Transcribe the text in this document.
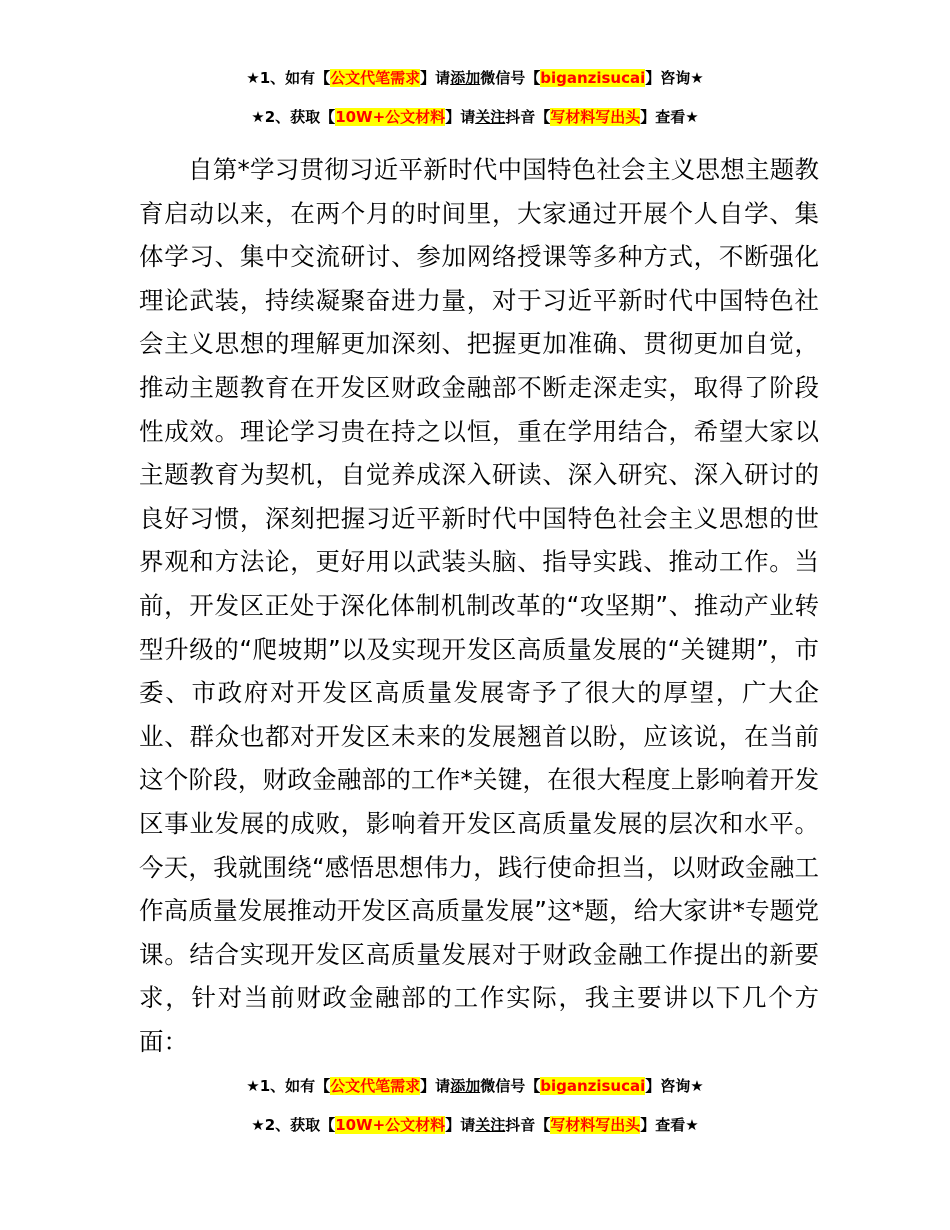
★1、如有【公文代笔需求】请添加微信号【biganzisucai】咨询★
★2、获取【10W+公文材料】请关注抖音【写材料写出头】查看★

自第*学习贯彻习近平新时代中国特色社会主义思想主题教育启动以来，在两个月的时间里，大家通过开展个人自学、集体学习、集中交流研讨、参加网络授课等多种方式，不断强化理论武装，持续凝聚奋进力量，对于习近平新时代中国特色社会主义思想的理解更加深刻、把握更加准确、贯彻更加自觉，推动主题教育在开发区财政金融部不断走深走实，取得了阶段性成效。理论学习贵在持之以恒，重在学用结合，希望大家以主题教育为契机，自觉养成深入研读、深入研究、深入研讨的良好习惯，深刻把握习近平新时代中国特色社会主义思想的世界观和方法论，更好用以武装头脑、指导实践、推动工作。当前，开发区正处于深化体制机制改革的“攻坚期”、推动产业转型升级的“爬坡期”以及实现开发区高质量发展的“关键期”，市委、市政府对开发区高质量发展寄予了很大的厚望，广大企业、群众也都对开发区未来的发展翘首以盼，应该说，在当前这个阶段，财政金融部的工作*关键，在很大程度上影响着开发区事业发展的成败，影响着开发区高质量发展的层次和水平。今天，我就围绕“感悟思想伟力，践行使命担当，以财政金融工作高质量发展推动开发区高质量发展”这*题，给大家讲*专题党课。结合实现开发区高质量发展对于财政金融工作提出的新要求，针对当前财政金融部的工作实际，我主要讲以下几个方面：

★1、如有【公文代笔需求】请添加微信号【biganzisucai】咨询★
★2、获取【10W+公文材料】请关注抖音【写材料写出头】查看★
